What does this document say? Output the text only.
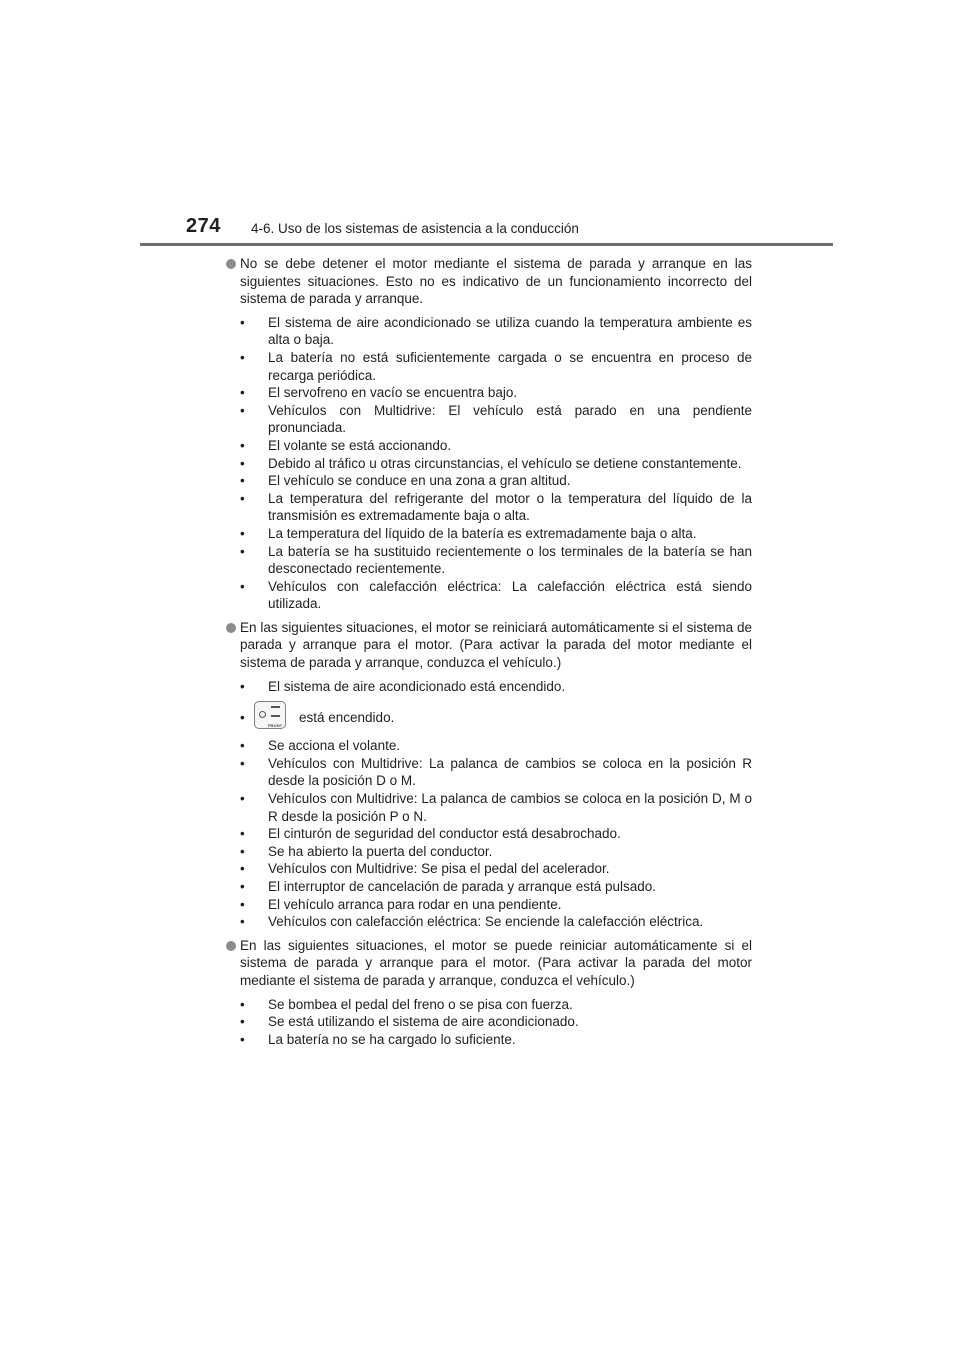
274 4-6. Uso de los sistemas de asistencia a la conducción
No se debe detener el motor mediante el sistema de parada y arranque en las siguientes situaciones. Esto no es indicativo de un funcionamiento incorrecto del sistema de parada y arranque.
• El sistema de aire acondicionado se utiliza cuando la temperatura ambiente es alta o baja.
• La batería no está suficientemente cargada o se encuentra en proceso de recarga periódica.
• El servofreno en vacío se encuentra bajo.
• Vehículos con Multidrive: El vehículo está parado en una pendiente pronunciada.
• El volante se está accionando.
• Debido al tráfico u otras circunstancias, el vehículo se detiene constantemente.
• El vehículo se conduce en una zona a gran altitud.
• La temperatura del refrigerante del motor o la temperatura del líquido de la transmisión es extremadamente baja o alta.
• La temperatura del líquido de la batería es extremadamente baja o alta.
• La batería se ha sustituido recientemente o los terminales de la batería se han desconectado recientemente.
• Vehículos con calefacción eléctrica: La calefacción eléctrica está siendo utilizada.
En las siguientes situaciones, el motor se reiniciará automáticamente si el sistema de parada y arranque para el motor. (Para activar la parada del motor mediante el sistema de parada y arranque, conduzca el vehículo.)
• El sistema de aire acondicionado está encendido.
•
FRONT
está encendido.
• Se acciona el volante.
• Vehículos con Multidrive: La palanca de cambios se coloca en la posición R desde la posición D o M.
• Vehículos con Multidrive: La palanca de cambios se coloca en la posición D, M o R desde la posición P o N.
• El cinturón de seguridad del conductor está desabrochado.
• Se ha abierto la puerta del conductor.
• Vehículos con Multidrive: Se pisa el pedal del acelerador.
• El interruptor de cancelación de parada y arranque está pulsado.
• El vehículo arranca para rodar en una pendiente.
• Vehículos con calefacción eléctrica: Se enciende la calefacción eléctrica.
En las siguientes situaciones, el motor se puede reiniciar automáticamente si el sistema de parada y arranque para el motor. (Para activar la parada del motor mediante el sistema de parada y arranque, conduzca el vehículo.)
• Se bombea el pedal del freno o se pisa con fuerza.
• Se está utilizando el sistema de aire acondicionado.
• La batería no se ha cargado lo suficiente.
